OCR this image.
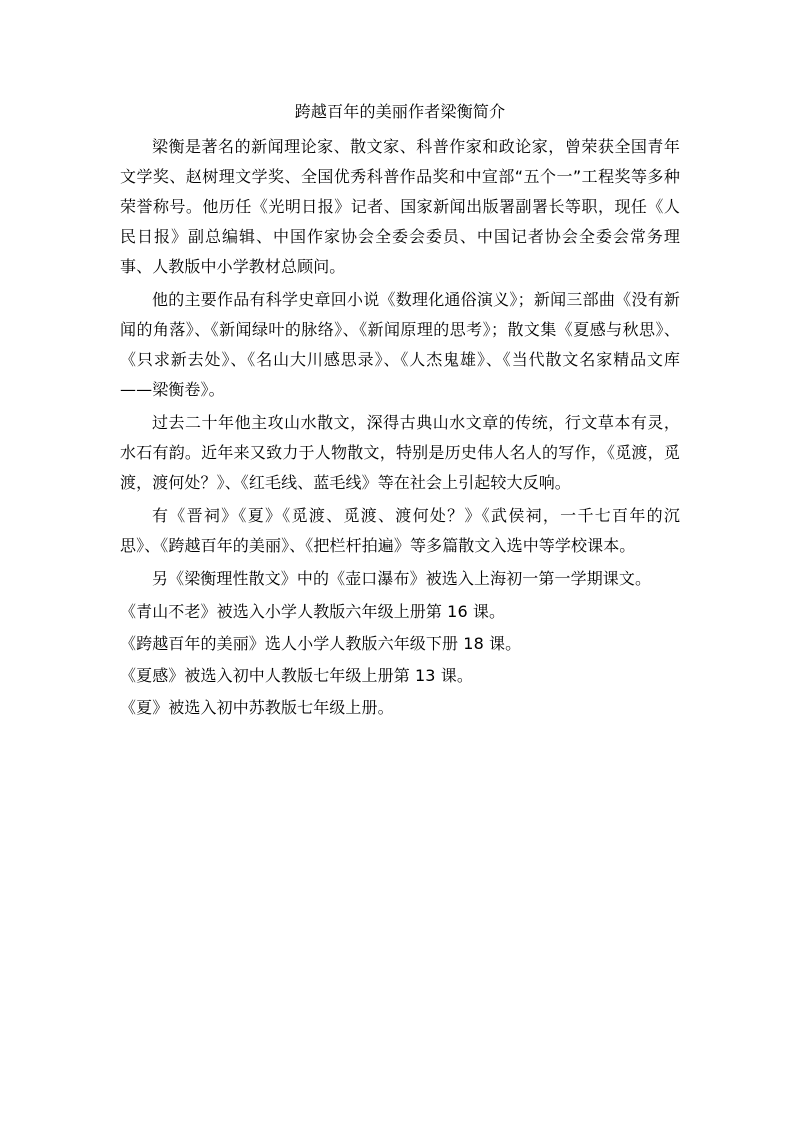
跨越百年的美丽作者梁衡简介

梁衡是著名的新闻理论家、散文家、科普作家和政论家，曾荣获全国青年文学奖、赵树理文学奖、全国优秀科普作品奖和中宣部“五个一”工程奖等多种荣誉称号。他历任《光明日报》记者、国家新闻出版署副署长等职，现任《人民日报》副总编辑、中国作家协会全委会委员、中国记者协会全委会常务理事、人教版中小学教材总顾问。

他的主要作品有科学史章回小说《数理化通俗演义》；新闻三部曲《没有新闻的角落》、《新闻绿叶的脉络》、《新闻原理的思考》；散文集《夏感与秋思》、《只求新去处》、《名山大川感思录》、《人杰鬼雄》、《当代散文名家精品文库——梁衡卷》。

过去二十年他主攻山水散文，深得古典山水文章的传统，行文草本有灵，水石有韵。近年来又致力于人物散文，特别是历史伟人名人的写作，《觅渡，觅渡，渡何处？》、《红毛线、蓝毛线》等在社会上引起较大反响。

有《晋祠》《夏》《觅渡、觅渡、渡何处？》《武侯祠，一千七百年的沉思》、《跨越百年的美丽》、《把栏杆拍遍》等多篇散文入选中等学校课本。

另《梁衡理性散文》中的《壶口瀑布》被选入上海初一第一学期课文。

《青山不老》被选入小学人教版六年级上册第 16 课。

《跨越百年的美丽》选人小学人教版六年级下册 18 课。

《夏感》被选入初中人教版七年级上册第 13 课。

《夏》被选入初中苏教版七年级上册。
